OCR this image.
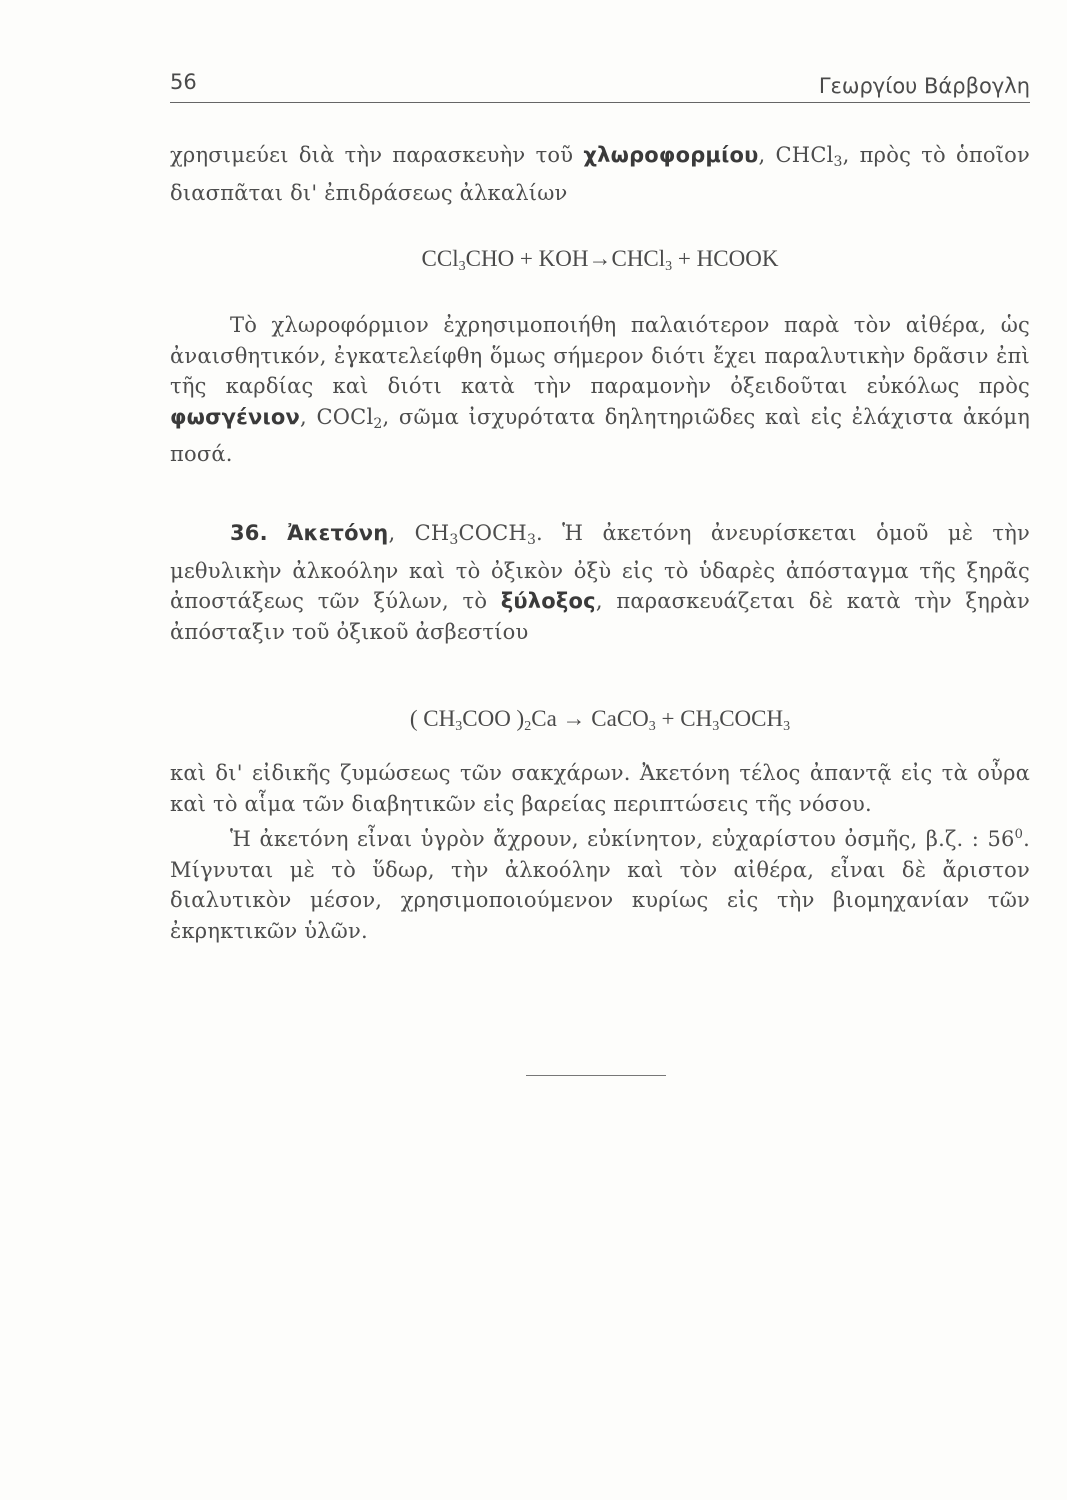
56	Γεωργίου Βάρβογλη

χρησιμεύει διὰ τὴν παρασκευὴν τοῦ χλωροφορμίου, CHCl$_3$, πρὸς τὸ ὁποῖον διασπᾶται δι' ἐπιδράσεως ἀλκαλίων

CCl$_3$CHO + KOH→CHCl$_3$ + HCOOK

Τὸ χλωροφόρμιον ἐχρησιμοποιήθη παλαιότερον παρὰ τὸν αἰθέρα, ὡς ἀναισθητικόν, ἐγκατελείφθη ὅμως σήμερον διότι ἔχει παραλυτικὴν δρᾶσιν ἐπὶ τῆς καρδίας καὶ διότι κατὰ τὴν παραμονὴν ὀξειδοῦται εὐκόλως πρὸς φωσγένιον, COCl$_2$, σῶμα ἰσχυρότατα δηλητηριῶδες καὶ εἰς ἐλάχιστα ἀκόμη ποσά.

36. Ἀκετόνη, $CH_3COCH_3$. Ἡ ἀκετόνη ἀνευρίσκεται ὁμοῦ μὲ τὴν μεθυλικὴν ἀλκοόλην καὶ τὸ ὀξικὸν ὀξὺ εἰς τὸ ὑδαρὲς ἀπόσταγμα τῆς ξηρᾶς ἀποστάξεως τῶν ξύλων, τὸ ξύλοξος, παρασκευάζεται δὲ κατὰ τὴν ξηρὰν ἀπόσταξιν τοῦ ὀξικοῦ ἀσβεστίου

( $CH_3COO$ )$_2Ca$ → CaCO$_3$ + $CH_3COCH_3$

καὶ δι' εἰδικῆς ζυμώσεως τῶν σακχάρων. Ἀκετόνη τέλος ἀπαντᾷ εἰς τὰ οὖρα καὶ τὸ αἷμα τῶν διαβητικῶν εἰς βαρείας περιπτώσεις τῆς νόσου.

Ἡ ἀκετόνη εἶναι ὑγρὸν ἄχρουν, εὐκίνητον, εὐχαρίστου ὀσμῆς, β.ζ. : $56^0$. Μίγνυται μὲ τὸ ὕδωρ, τὴν ἀλκοόλην καὶ τὸν αἰθέρα, εἶναι δὲ ἄριστον διαλυτικὸν μέσον, χρησιμοποιούμενον κυρίως εἰς τὴν βιομηχανίαν τῶν ἐκρηκτικῶν ὑλῶν.
